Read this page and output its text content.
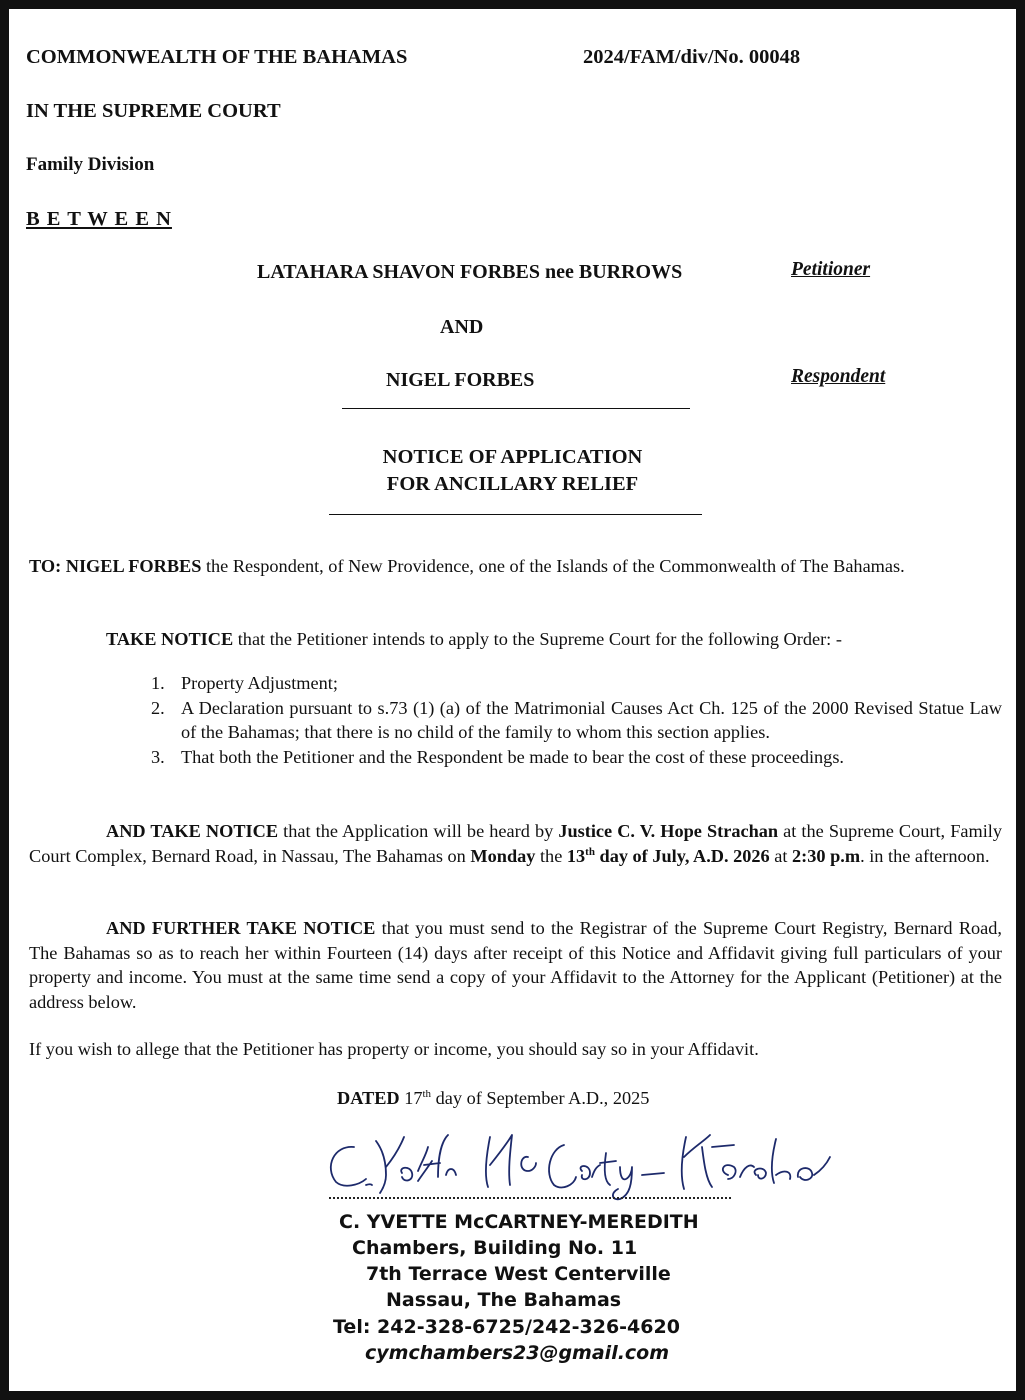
COMMONWEALTH OF THE BAHAMAS	2024/FAM/div/No. 00048
IN THE SUPREME COURT
Family Division
B E T W E E N
LATAHARA SHAVON FORBES nee BURROWS	Petitioner
AND
NIGEL FORBES	Respondent
NOTICE OF APPLICATION
FOR ANCILLARY RELIEF
TO: NIGEL FORBES the Respondent, of New Providence, one of the Islands of the Commonwealth of The Bahamas.
TAKE NOTICE that the Petitioner intends to apply to the Supreme Court for the following Order: -
1. Property Adjustment;
2. A Declaration pursuant to s.73 (1) (a) of the Matrimonial Causes Act Ch. 125 of the 2000 Revised Statue Law of the Bahamas; that there is no child of the family to whom this section applies.
3. That both the Petitioner and the Respondent be made to bear the cost of these proceedings.
AND TAKE NOTICE that the Application will be heard by Justice C. V. Hope Strachan at the Supreme Court, Family Court Complex, Bernard Road, in Nassau, The Bahamas on Monday the 13th day of July, A.D. 2026 at 2:30 p.m. in the afternoon.
AND FURTHER TAKE NOTICE that you must send to the Registrar of the Supreme Court Registry, Bernard Road, The Bahamas so as to reach her within Fourteen (14) days after receipt of this Notice and Affidavit giving full particulars of your property and income. You must at the same time send a copy of your Affidavit to the Attorney for the Applicant (Petitioner) at the address below.
If you wish to allege that the Petitioner has property or income, you should say so in your Affidavit.
DATED 17th day of September A.D., 2025
C. YVETTE McCARTNEY-MEREDITH
Chambers, Building No. 11
7th Terrace West Centerville
Nassau, The Bahamas
Tel: 242-328-6725/242-326-4620
cymchambers23@gmail.com
